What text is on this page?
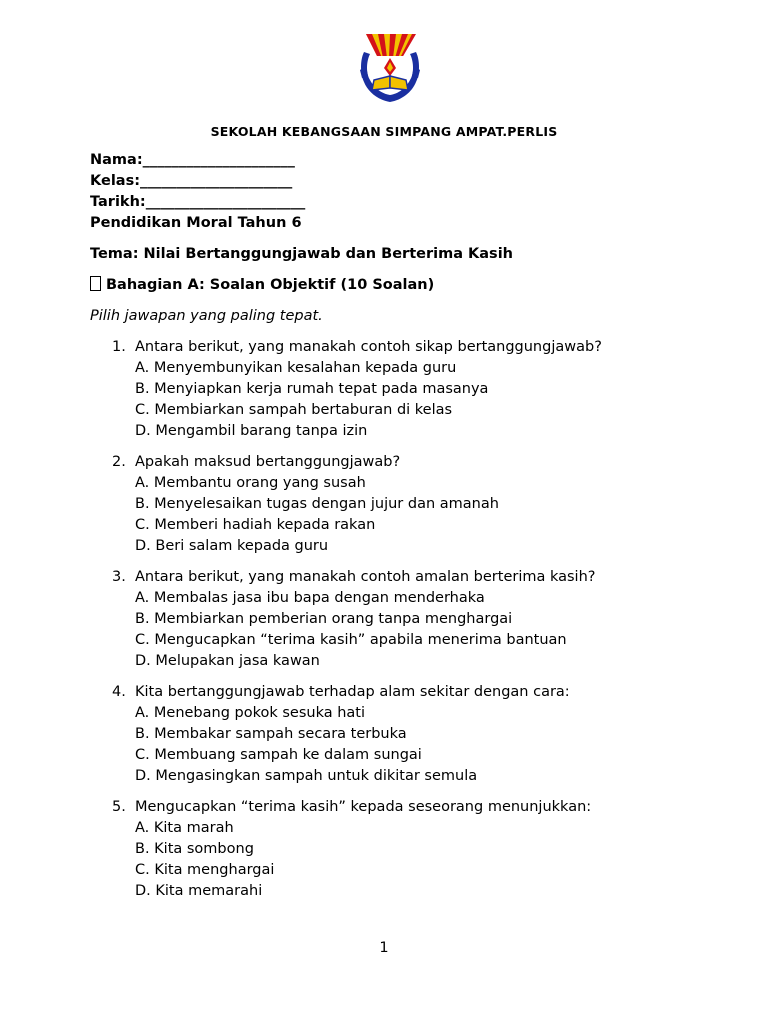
SEKOLAH KEBANGSAAN SIMPANG AMPAT.PERLIS
Nama:_____________________
Kelas:_____________________
Tarikh:______________________
Pendidikan Moral Tahun 6
Tema: Nilai Bertanggungjawab dan Berterima Kasih
Bahagian A: Soalan Objektif (10 Soalan)
Pilih jawapan yang paling tepat.
1. Antara berikut, yang manakah contoh sikap bertanggungjawab?
A. Menyembunyikan kesalahan kepada guru
B. Menyiapkan kerja rumah tepat pada masanya
C. Membiarkan sampah bertaburan di kelas
D. Mengambil barang tanpa izin
2. Apakah maksud bertanggungjawab?
A. Membantu orang yang susah
B. Menyelesaikan tugas dengan jujur dan amanah
C. Memberi hadiah kepada rakan
D. Beri salam kepada guru
3. Antara berikut, yang manakah contoh amalan berterima kasih?
A. Membalas jasa ibu bapa dengan menderhaka
B. Membiarkan pemberian orang tanpa menghargai
C. Mengucapkan “terima kasih” apabila menerima bantuan
D. Melupakan jasa kawan
4. Kita bertanggungjawab terhadap alam sekitar dengan cara:
A. Menebang pokok sesuka hati
B. Membakar sampah secara terbuka
C. Membuang sampah ke dalam sungai
D. Mengasingkan sampah untuk dikitar semula
5. Mengucapkan “terima kasih” kepada seseorang menunjukkan:
A. Kita marah
B. Kita sombong
C. Kita menghargai
D. Kita memarahi
1
